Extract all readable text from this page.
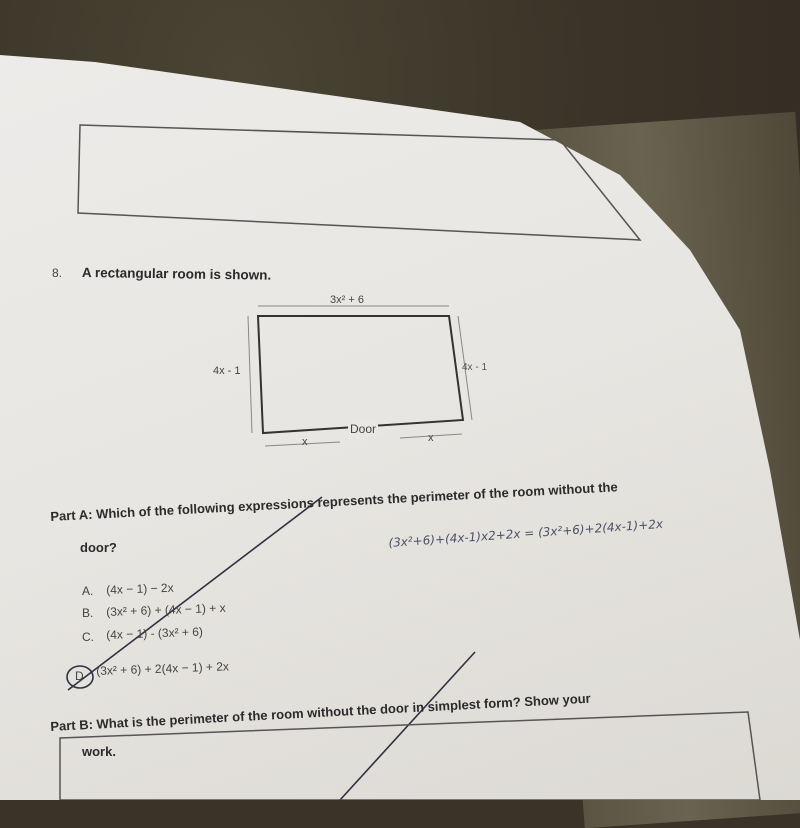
8. A rectangular room is shown.
3x² + 6
4x - 1	4x - 1
Door
x	x
Part A: Which of the following expressions represents the perimeter of the room without the
door?	(3x²+6)+(4x-1)x2+2x = (3x²+6)+2(4x-1)+2x
A. (4x − 1) − 2x
B. (3x² + 6) + (4x − 1) + x
C. (4x − 1) - (3x² + 6)
D (3x² + 6) + 2(4x − 1) + 2x
Part B: What is the perimeter of the room without the door in simplest form? Show your
work.
